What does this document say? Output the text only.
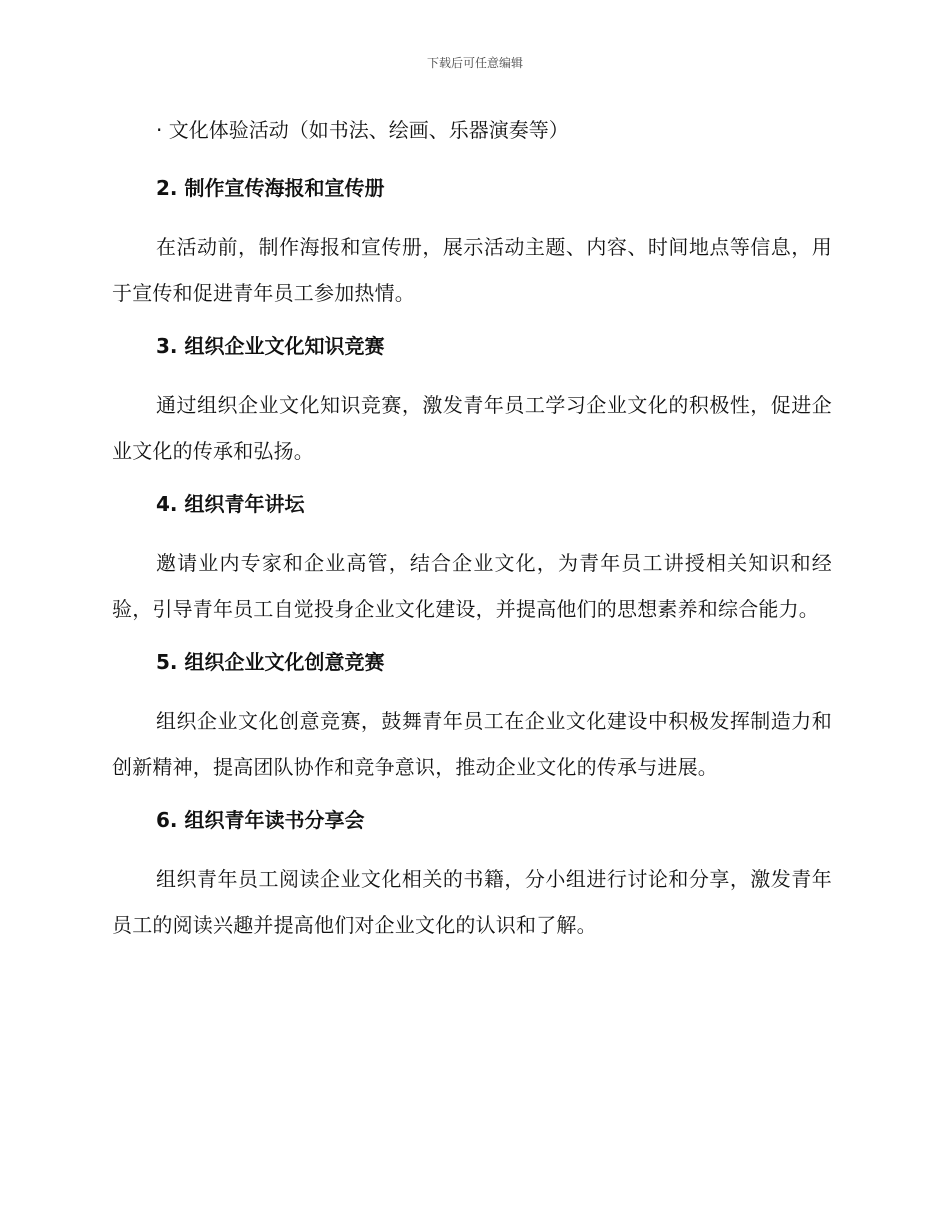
下载后可任意编辑
· 文化体验活动（如书法、绘画、乐器演奏等）
2. 制作宣传海报和宣传册

在活动前，制作海报和宣传册，展示活动主题、内容、时间地点等信息，用于宣传和促进青年员工参加热情。

3. 组织企业文化知识竞赛

通过组织企业文化知识竞赛，激发青年员工学习企业文化的积极性，促进企业文化的传承和弘扬。

4. 组织青年讲坛

邀请业内专家和企业高管，结合企业文化，为青年员工讲授相关知识和经验，引导青年员工自觉投身企业文化建设，并提高他们的思想素养和综合能力。

5. 组织企业文化创意竞赛

组织企业文化创意竞赛，鼓舞青年员工在企业文化建设中积极发挥制造力和创新精神，提高团队协作和竞争意识，推动企业文化的传承与进展。

6. 组织青年读书分享会

组织青年员工阅读企业文化相关的书籍，分小组进行讨论和分享，激发青年员工的阅读兴趣并提高他们对企业文化的认识和了解。
